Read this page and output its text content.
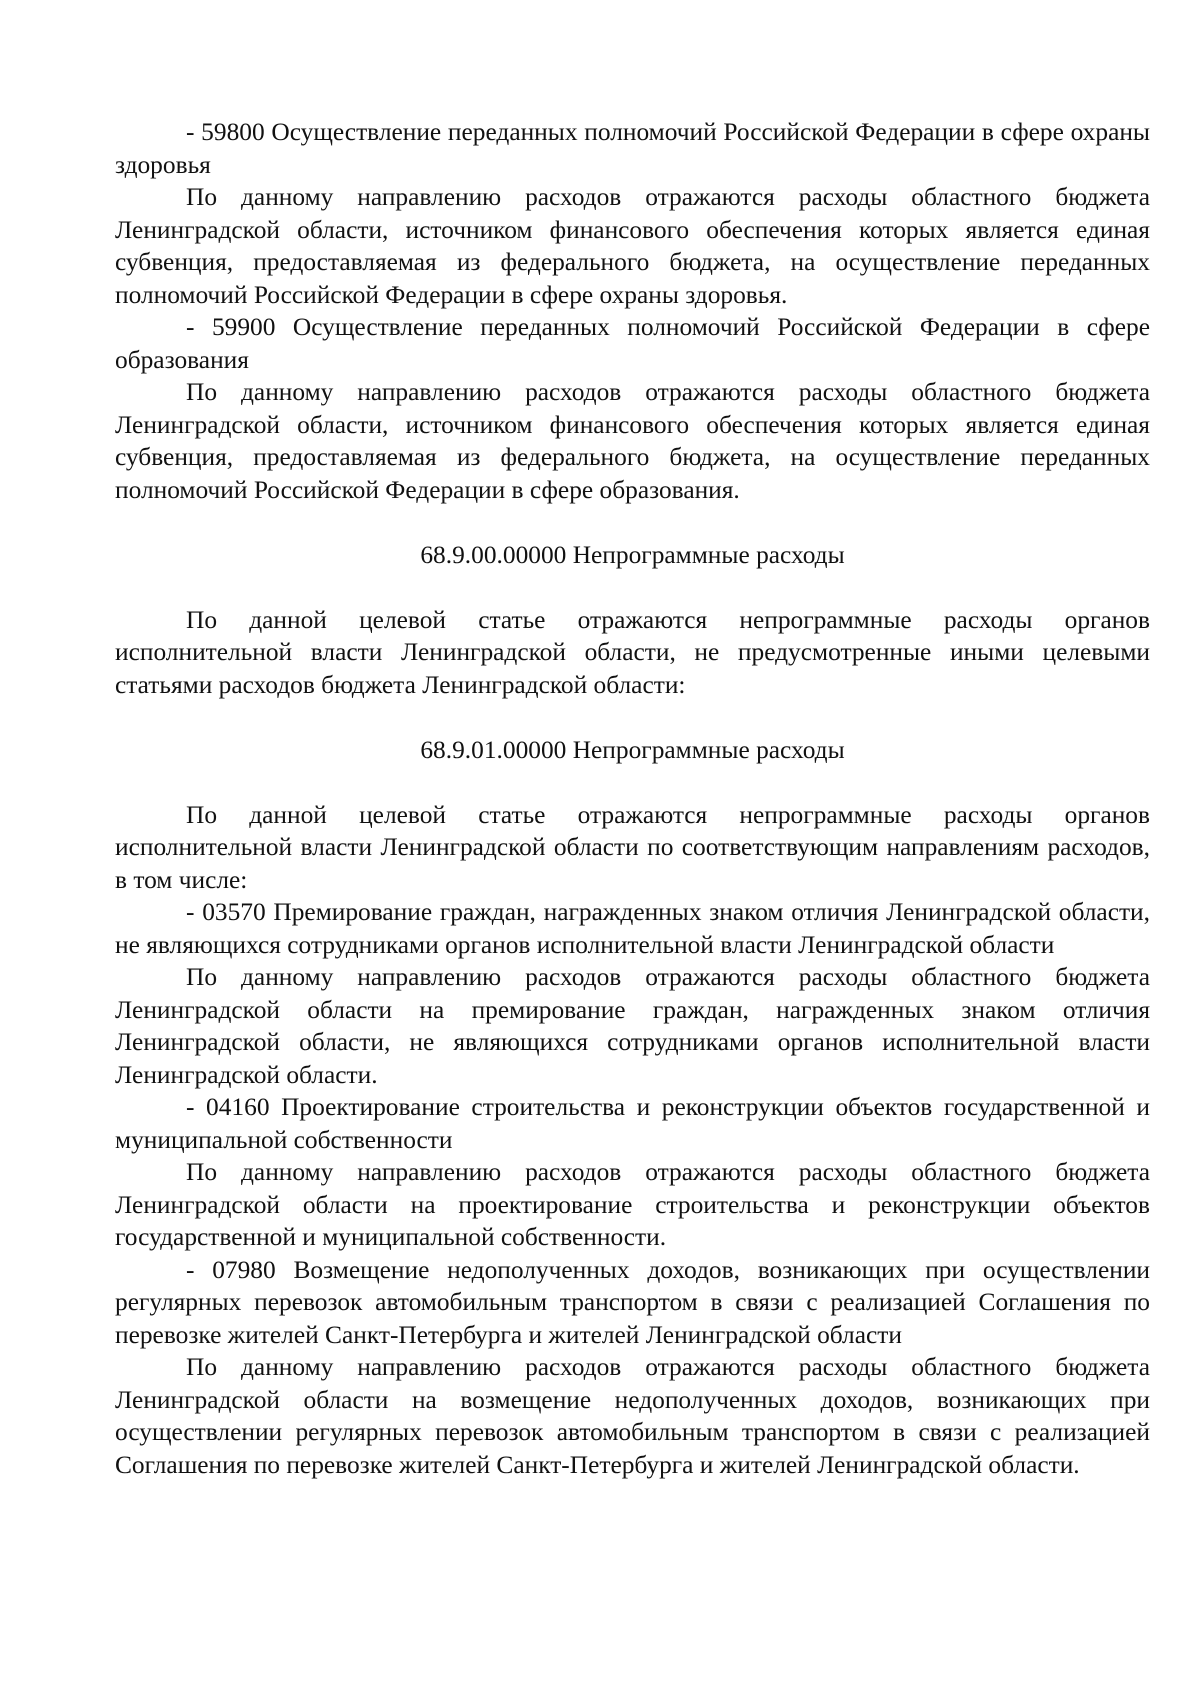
- 59800 Осуществление переданных полномочий Российской Федерации в сфере охраны здоровья

По данному направлению расходов отражаются расходы областного бюджета Ленинградской области, источником финансового обеспечения которых является единая субвенция, предоставляемая из федерального бюджета, на осуществление переданных полномочий Российской Федерации в сфере охраны здоровья.

- 59900 Осуществление переданных полномочий Российской Федерации в сфере образования

По данному направлению расходов отражаются расходы областного бюджета Ленинградской области, источником финансового обеспечения которых является единая субвенция, предоставляемая из федерального бюджета, на осуществление переданных полномочий Российской Федерации в сфере образования.

68.9.00.00000 Непрограммные расходы

По данной целевой статье отражаются непрограммные расходы органов исполнительной власти Ленинградской области, не предусмотренные иными целевыми статьями расходов бюджета Ленинградской области:

68.9.01.00000 Непрограммные расходы

По данной целевой статье отражаются непрограммные расходы органов исполнительной власти Ленинградской области по соответствующим направлениям расходов, в том числе:

- 03570 Премирование граждан, награжденных знаком отличия Ленинградской области, не являющихся сотрудниками органов исполнительной власти Ленинградской области

По данному направлению расходов отражаются расходы областного бюджета Ленинградской области на премирование граждан, награжденных знаком отличия Ленинградской области, не являющихся сотрудниками органов исполнительной власти Ленинградской области.

- 04160 Проектирование строительства и реконструкции объектов государственной и муниципальной собственности

По данному направлению расходов отражаются расходы областного бюджета Ленинградской области на проектирование строительства и реконструкции объектов государственной и муниципальной собственности.

- 07980 Возмещение недополученных доходов, возникающих при осуществлении регулярных перевозок автомобильным транспортом в связи с реализацией Соглашения по перевозке жителей Санкт-Петербурга и жителей Ленинградской области

По данному направлению расходов отражаются расходы областного бюджета Ленинградской области на возмещение недополученных доходов, возникающих при осуществлении регулярных перевозок автомобильным транспортом в связи с реализацией Соглашения по перевозке жителей Санкт-Петербурга и жителей Ленинградской области.
